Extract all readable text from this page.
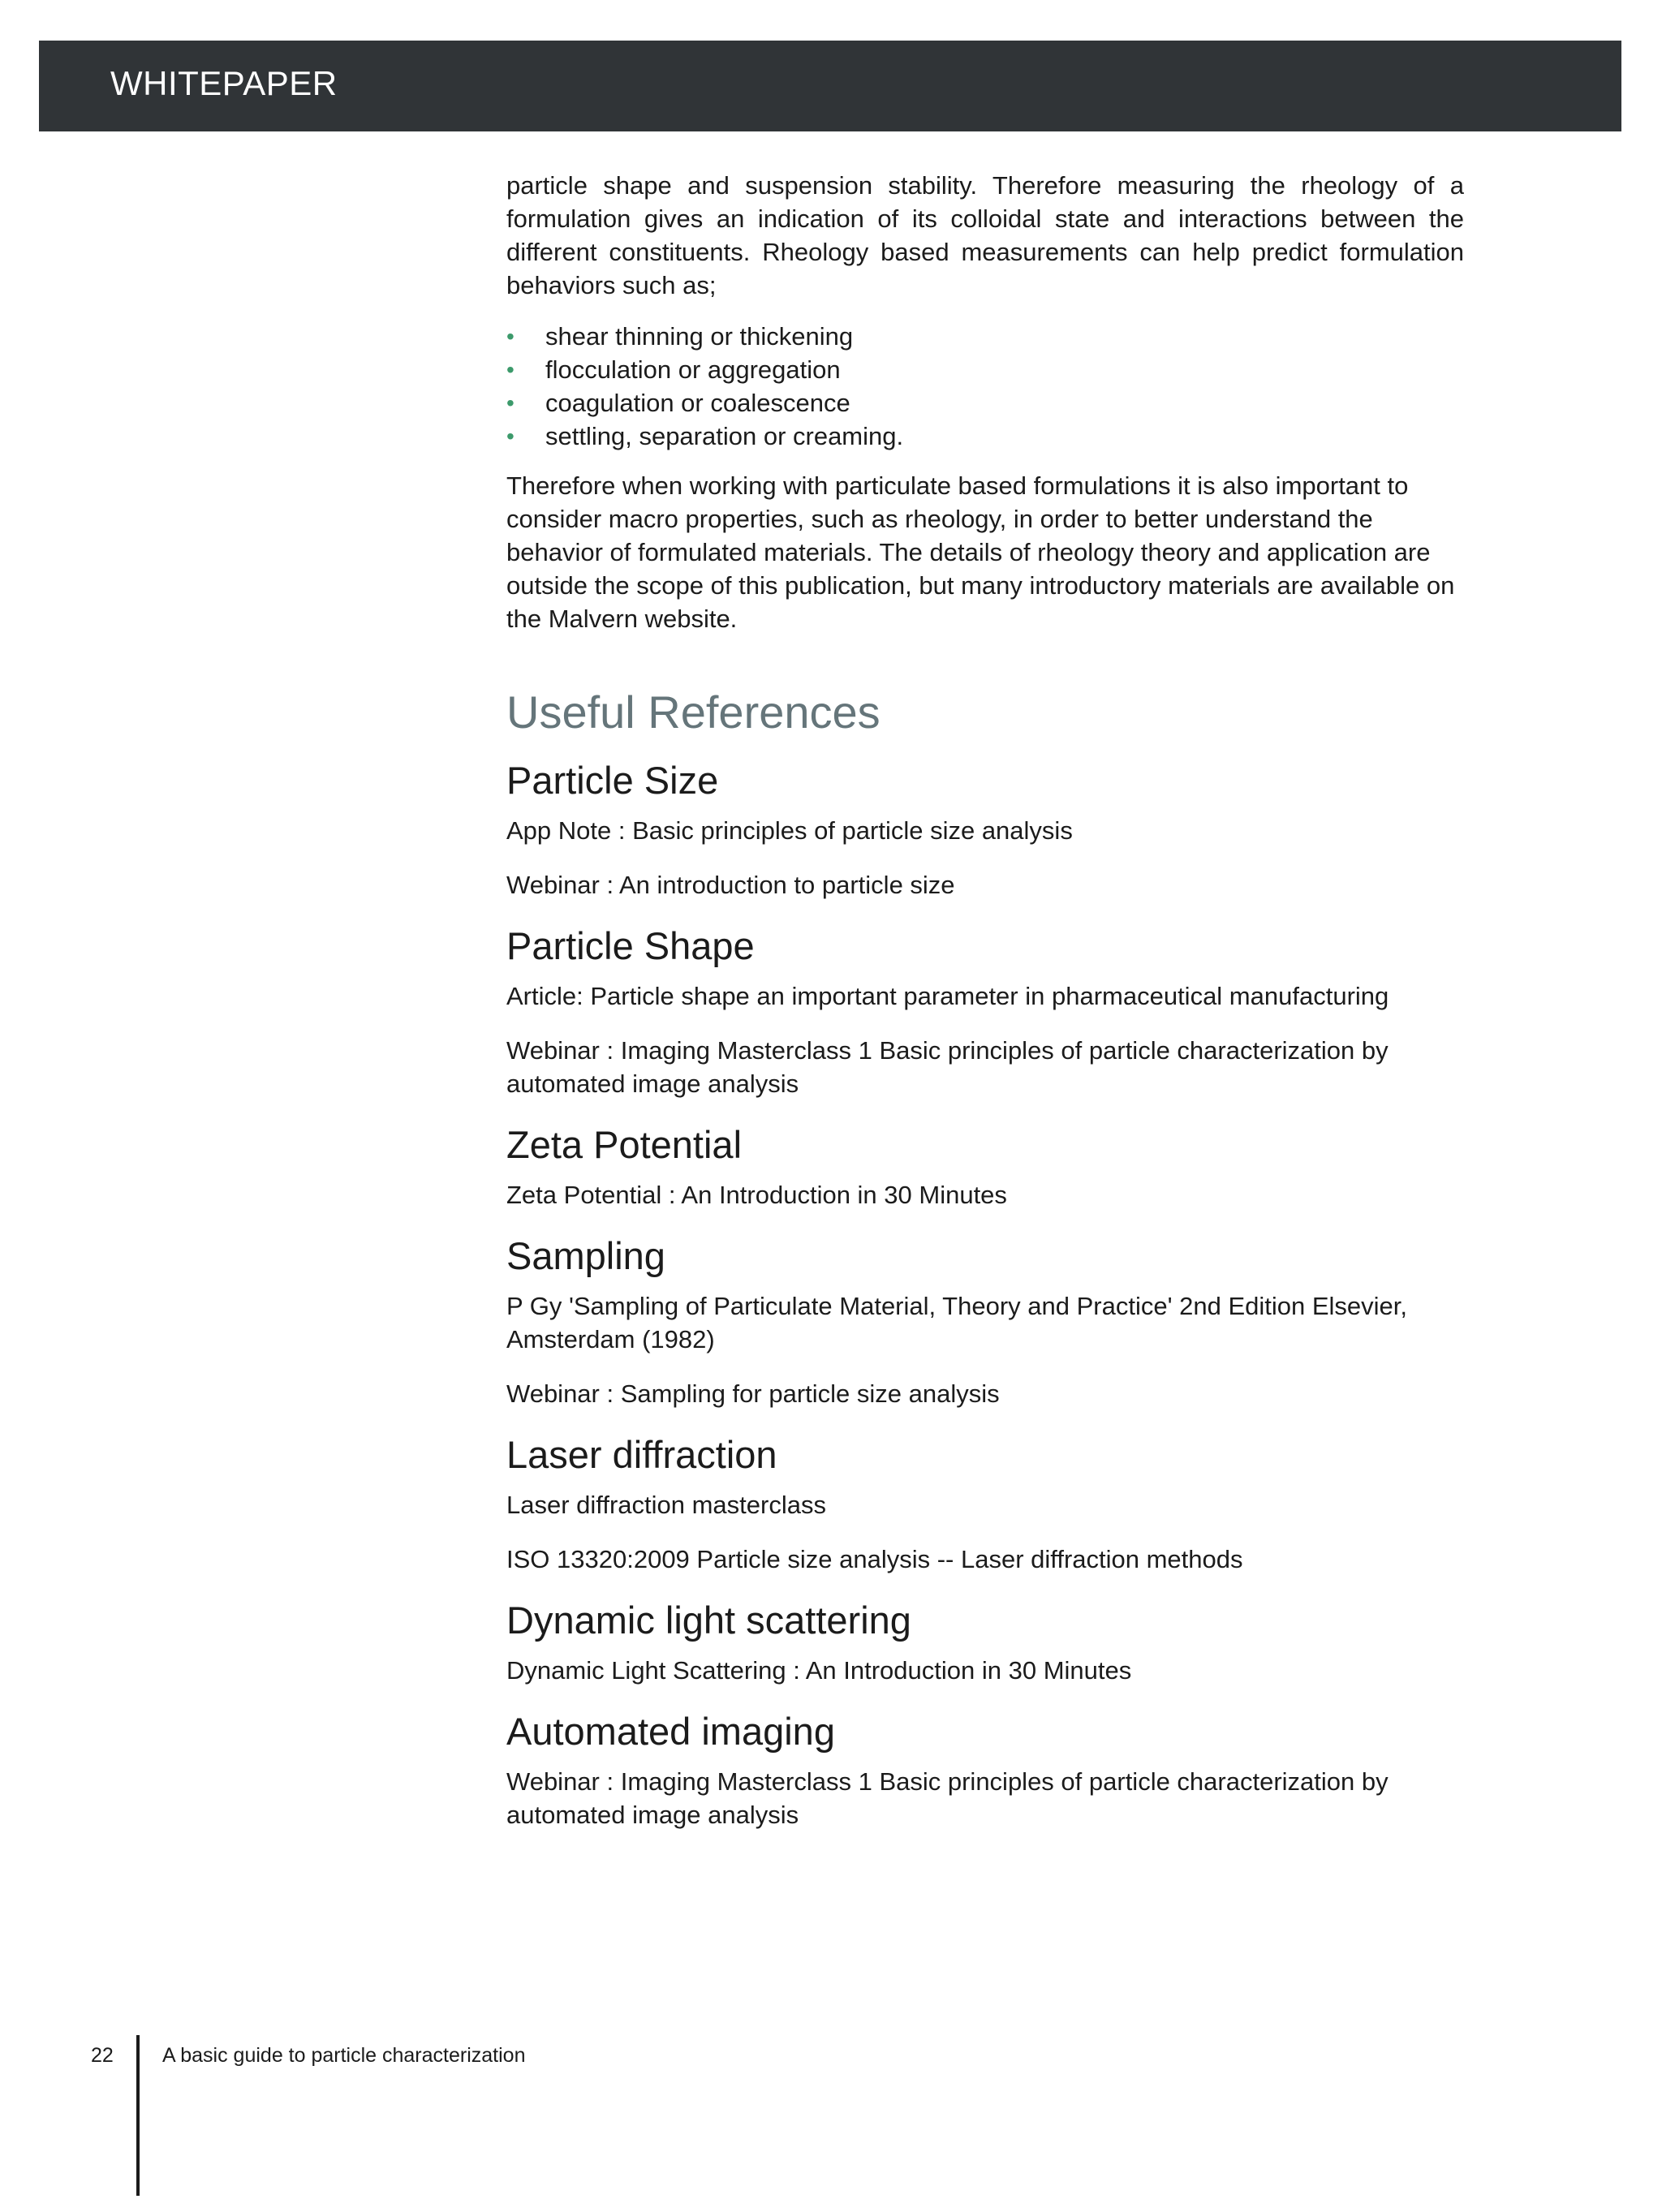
WHITEPAPER

particle shape and suspension stability. Therefore measuring the rheology of a formulation gives an indication of its colloidal state and interactions between the different constituents. Rheology based measurements can help predict formulation behaviors such as;

• shear thinning or thickening
• flocculation or aggregation
• coagulation or coalescence
• settling, separation or creaming.

Therefore when working with particulate based formulations it is also important to consider macro properties, such as rheology, in order to better understand the behavior of formulated materials. The details of rheology theory and application are outside the scope of this publication, but many introductory materials are available on the Malvern website.

Useful References
Particle Size

App Note : Basic principles of particle size analysis

Webinar : An introduction to particle size

Particle Shape

Article: Particle shape an important parameter in pharmaceutical manufacturing

Webinar : Imaging Masterclass 1 Basic principles of particle characterization by automated image analysis

Zeta Potential

Zeta Potential : An Introduction in 30 Minutes

Sampling

P Gy 'Sampling of Particulate Material, Theory and Practice' 2nd Edition Elsevier, Amsterdam (1982)

Webinar : Sampling for particle size analysis

Laser diffraction

Laser diffraction masterclass

ISO 13320:2009 Particle size analysis -- Laser diffraction methods

Dynamic light scattering

Dynamic Light Scattering : An Introduction in 30 Minutes

Automated imaging

Webinar : Imaging Masterclass 1 Basic principles of particle characterization by automated image analysis

22 A basic guide to particle characterization
